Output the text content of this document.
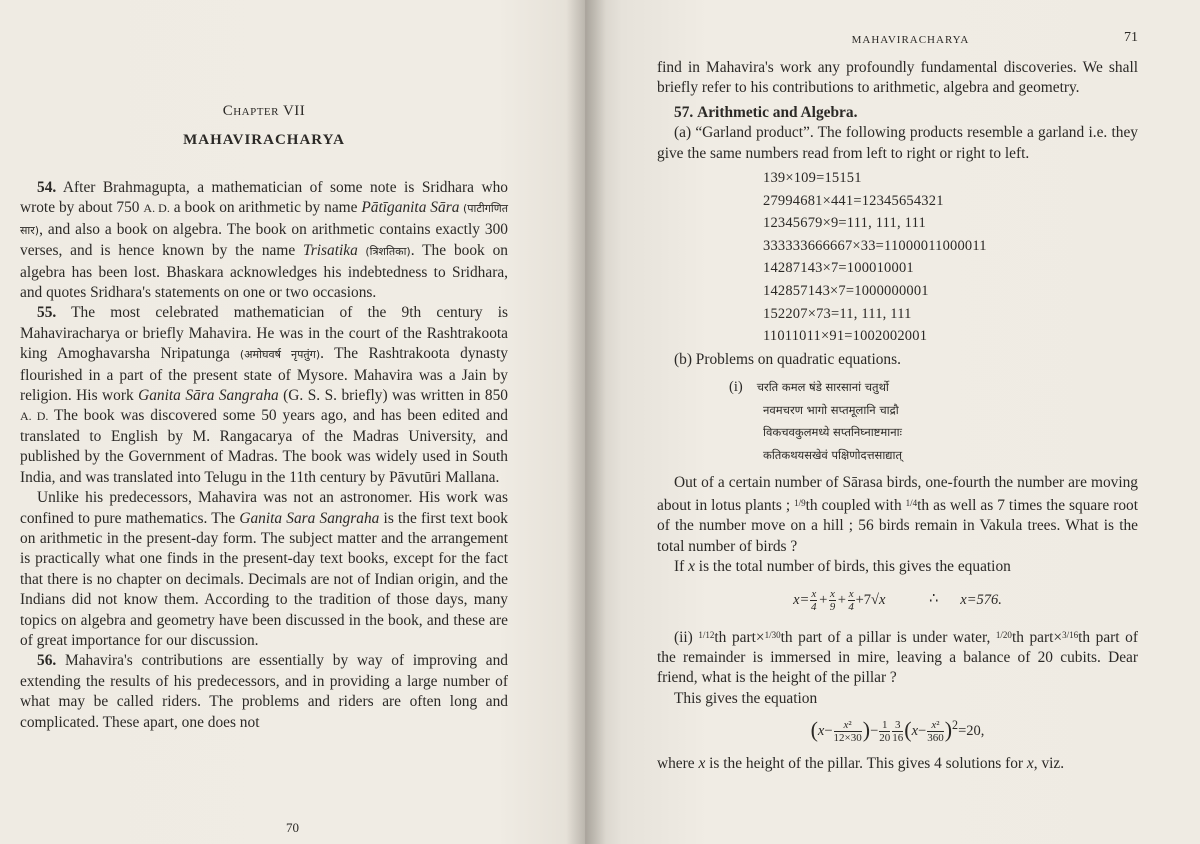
Chapter VII
MAHAVIRACHARYA

54. After Brahmagupta, a mathematician of some note is Sridhara who wrote by about 750 A. D. a book on arithmetic by name Pātīganita Sāra (पाटीगणित सार), and also a book on algebra. The book on arithmetic contains exactly 300 verses, and is hence known by the name Trisatika (त्रिशतिका). The book on algebra has been lost. Bhaskara acknowledges his indebtedness to Sridhara, and quotes Sridhara's statements on one or two occasions.

55. The most celebrated mathematician of the 9th century is Mahaviracharya or briefly Mahavira. He was in the court of the Rashtrakoota king Amoghavarsha Nripatunga (अमोघवर्ष नृपतुंग). The Rashtrakoota dynasty flourished in a part of the present state of Mysore. Mahavira was a Jain by religion. His work Ganita Sāra Sangraha (G. S. S. briefly) was written in 850 A. D. The book was discovered some 50 years ago, and has been edited and translated to English by M. Rangacarya of the Madras University, and published by the Government of Madras. The book was widely used in South India, and was translated into Telugu in the 11th century by Pāvutūri Mallana.

Unlike his predecessors, Mahavira was not an astronomer. His work was confined to pure mathematics. The Ganita Sara Sangraha is the first text book on arithmetic in the present-day form. The subject matter and the arrangement is practically what one finds in the present-day text books, except for the fact that there is no chapter on decimals. Decimals are not of Indian origin, and the Indians did not know them. According to the tradition of those days, many topics on algebra and geometry have been discussed in the book, and these are of great importance for our discussion.

56. Mahavira's contributions are essentially by way of improving and extending the results of his predecessors, and in providing a large number of what may be called riders. The problems and riders are often long and complicated. These apart, one does not

70
MAHAVIRACHARYA	71

find in Mahavira's work any profoundly fundamental discoveries. We shall briefly refer to his contributions to arithmetic, algebra and geometry.

57. Arithmetic and Algebra.

(a) “Garland product”. The following products resemble a garland i.e. they give the same numbers read from left to right or right to left.

139×109=15151
27994681×441=12345654321
12345679×9=111, 111, 111
333333666667×33=11000011000011
14287143×7=100010001
142857143×7=1000000001
152207×73=11, 111, 111
11011011×91=1002002001

(b) Problems on quadratic equations.

(i) चरति कमल षंडे सारसानां चतुर्थो
नवमचरण भागो सप्तमूलानि चाद्रौ
विकचवकुलमध्ये सप्तनिघ्नाष्टमानाः
कतिकथयसखेवं पक्षिणोदत्तसाद्यात्

Out of a certain number of Sārasa birds, one-fourth the number are moving about in lotus plants ; $^{1/9}$th coupled with $^{1/4}$th as well as 7 times the square root of the number move on a hill ; 56 birds remain in Vakula trees. What is the total number of birds ?

If x is the total number of birds, this gives the equation

$x= \frac{x}{4} + \frac{x}{9} + \frac{x}{4} +7√x$	∴ x=576.

(ii) $^{1/12}$th part×$^{1/30}$th part of a pillar is under water, $^{1/20}$th part×$^{3/16}$th part of the remainder is immersed in mire, leaving a balance of 20 cubits. Dear friend, what is the height of the pillar ?

This gives the equation

($x- \frac{\text{x²}}{12\times 30}$ )− $\frac{1}{20} \frac{3}{16} (x- \frac{\text{x²}}{360} )^2=20$,

where x is the height of the pillar. This gives 4 solutions for x, viz.
